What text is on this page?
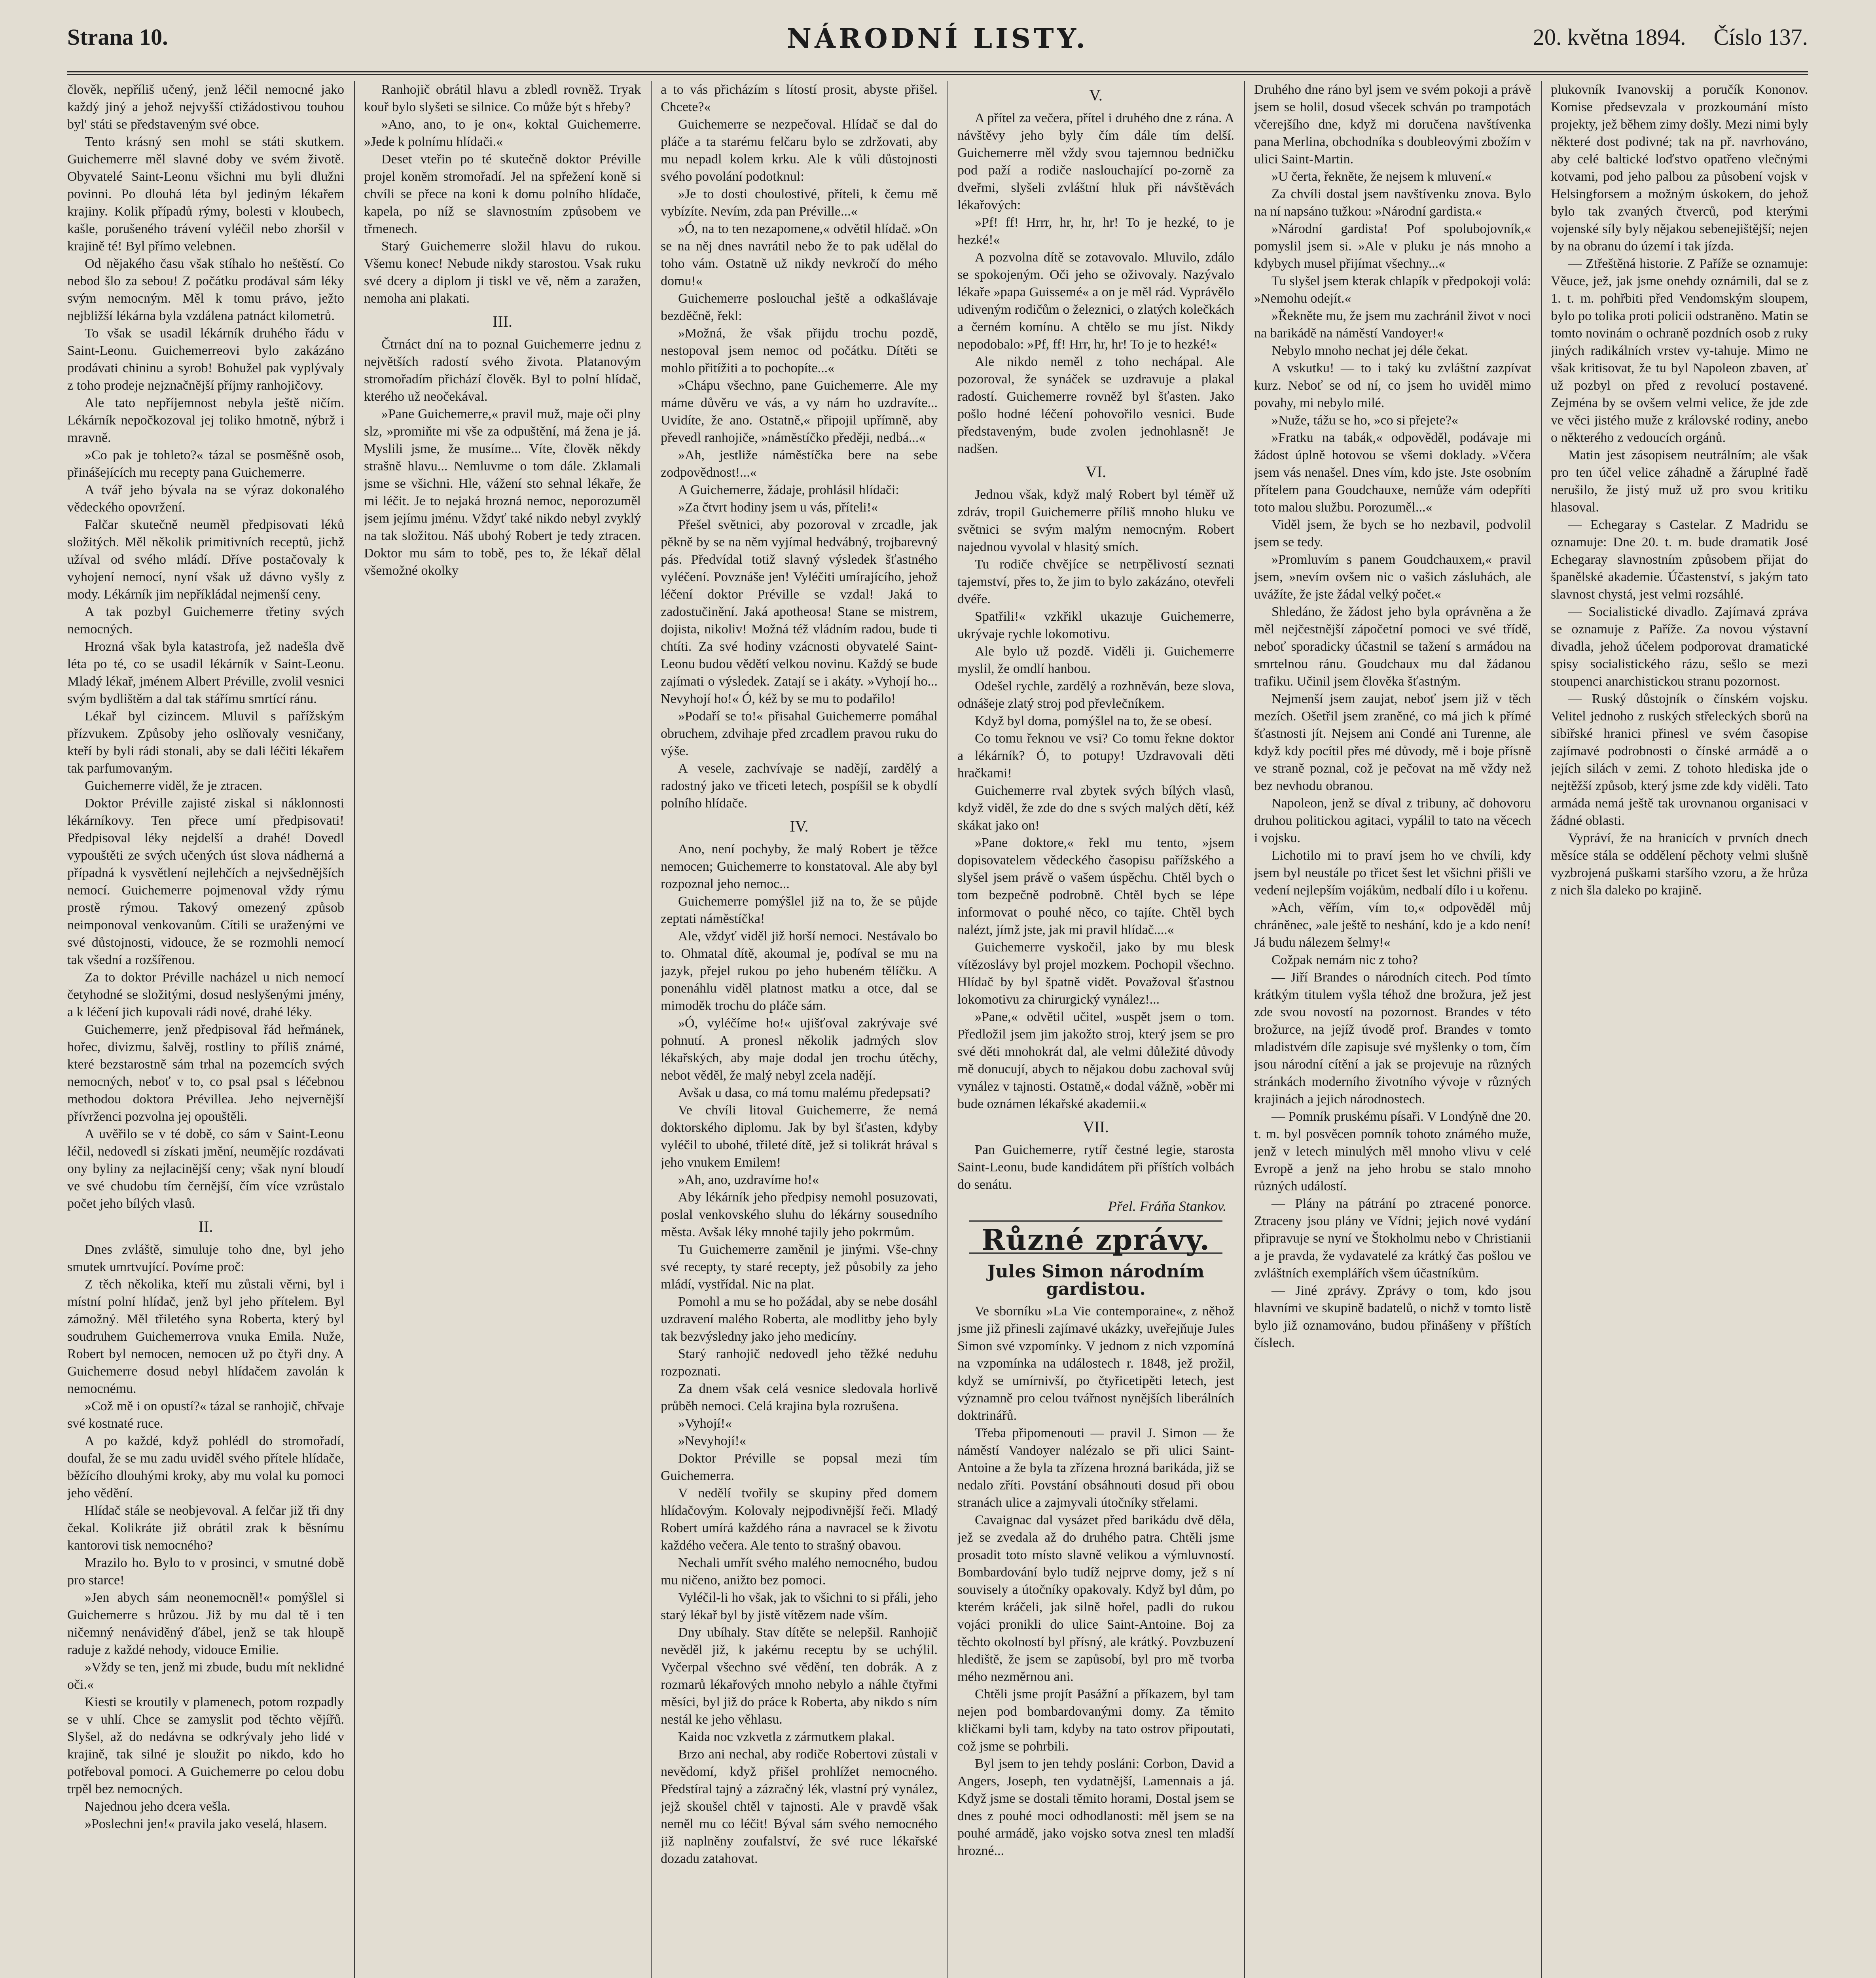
Strana 10.	NÁRODNÍ LISTY.	20. května 1894. Číslo 137.

člověk, nepříliš učený, jenž léčil nemocné jako každý jiný a jehož nejvyšší ctižádostivou touhou byl' státi se představeným své obce.

Tento krásný sen mohl se státi skutkem. Guichemerre měl slavné doby ve svém životě. Obyvatelé Saint-Leonu všichni mu byli dlužni povinni. Po dlouhá léta byl jediným lékařem krajiny. Kolik případů rýmy, bolesti v kloubech, kašle, porušeného trávení vyléčil nebo zhoršil v krajině té! Byl přímo velebnen.

Od nějakého času však stíhalo ho neštěstí. Co nebod šlo za sebou! Z počátku prodával sám léky svým nemocným. Měl k tomu právo, ježto nejbližší lékárna byla vzdálena patnáct kilometrů.

To však se usadil lékárník druhého řádu v Saint-Leonu. Guichemerreovi bylo zakázáno prodávati chininu a syrob! Bohužel pak vyplývaly z toho prodeje nejznačnější příjmy ranhojičovy.

Ale tato nepříjemnost nebyla ještě ničím. Lékárník nepočkozoval jej toliko hmotně, nýbrž i mravně.

»Co pak je tohleto?« tázal se posměšně osob, přinášejících mu recepty pana Guichemerre.

A tvář jeho bývala na se výraz dokonalého vědeckého opovržení.

Falčar skutečně neuměl předpisovati léků složitých. Měl několik primitivních receptů, jichž užíval od svého mládí. Dříve postačovaly k vyhojení nemocí, nyní však už dávno vyšly z mody. Lékárník jim nepříkládal nejmenší ceny.

A tak pozbyl Guichemerre třetiny svých nemocných.

Hrozná však byla katastrofa, jež nadešla dvě léta po té, co se usadil lékárník v Saint-Leonu. Mladý lékař, jménem Albert Préville, zvolil vesnici svým bydlištěm a dal tak stářímu smrtící ránu.

Lékař byl cizincem. Mluvil s pařížským přízvukem. Způsoby jeho oslňovaly vesničany, kteří by byli rádi stonali, aby se dali léčiti lékařem tak parfumovaným.

Guichemerre viděl, že je ztracen.

Doktor Préville zajisté ziskal si náklonnosti lékárníkovy. Ten přece umí předpisovati! Předpisoval léky nejdelší a drahé! Dovedl vypouštěti ze svých učených úst slova nádherná a případná k vysvětlení nejlehčích a nejvšednějších nemocí. Guichemerre pojmenoval vždy rýmu prostě rýmou. Takový omezený způsob neimponoval venkovanům. Cítili se uraženými ve své důstojnosti, vidouce, že se rozmohli nemocí tak všední a rozšířenou.

Za to doktor Préville nacházel u nich nemocí četyhodné se složitými, dosud neslyšenými jmény, a k léčení jich kupovali rádi nové, drahé léky.

Guichemerre, jenž předpisoval řád heřmánek, hořec, divizmu, šalvěj, rostliny to příliš známé, které bezstarostně sám trhal na pozemcích svých nemocných, neboť v to, co psal psal s léčebnou methodou doktora Prévillea. Jeho nejvernější přívrženci pozvolna jej opouštěli.

A uvěřilo se v té době, co sám v Saint-Leonu léčil, nedovedl si získati jmění, neumějíc rozdávati ony byliny za nejlacinější ceny; však nyní bloudí ve své chudobu tím černější, čím více vzrůstalo počet jeho bílých vlasů.

II.

Dnes zvláště, simuluje toho dne, byl jeho smutek umrtvující. Povíme proč:

Z těch několika, kteří mu zůstali věrni, byl i místní polní hlídač, jenž byl jeho přítelem. Byl zámožný. Měl třiletého syna Roberta, který byl soudruhem Guichemerrova vnuka Emila. Nuže, Robert byl nemocen, nemocen už po čtyři dny. A Guichemerre dosud nebyl hlídačem zavolán k nemocnému.

»Což mě i on opustí?« tázal se ranhojič, chřvaje své kostnaté ruce.

A po každé, když pohlédl do stromořadí, doufal, že se mu zadu uviděl svého přítele hlídače, běžícího dlouhými kroky, aby mu volal ku pomoci jeho vědění.

Hlídač stále se neobjevoval. A felčar již tři dny čekal. Kolikráte již obrátil zrak k běsnímu kantorovi tisk nemocného?

Mrazilo ho. Bylo to v prosinci, v smutné době pro starce!

»Jen abych sám neonemocněl!« pomýšlel si Guichemerre s hrůzou. Již by mu dal tě i ten ničemný nenáviděný ďábel, jenž se tak hloupě raduje z každé nehody, vidouce Emilie.

»Vždy se ten, jenž mi zbude, budu mít neklidné oči.«

Kiesti se kroutily v plamenech, potom rozpadly se v uhlí. Chce se zamyslit pod těchto vějířů. Slyšel, až do nedávna se odkrývaly jeho lidé v krajině, tak silné je sloužit po nikdo, kdo ho potřeboval pomoci. A Guichemerre po celou dobu trpěl bez nemocných.

Najednou jeho dcera vešla.

»Poslechni jen!« pravila jako veselá, hlasem.

Ranhojič obrátil hlavu a zbledl rovněž. Tryak kouř bylo slyšeti se silnice. Co může být s hřeby?

»Ano, ano, to je on«, koktal Guichemerre. »Jede k polnímu hlídači.«

Deset vteřin po té skutečně doktor Préville projel koněm stromořadí. Jel na spřežení koně si chvíli se přece na koni k domu polního hlídače, kapela, po níž se slavnostním způsobem ve třmenech.

Starý Guichemerre složil hlavu do rukou. Všemu konec! Nebude nikdy starostou. Vsak ruku své dcery a diplom ji tiskl ve vě, něm a zaražen, nemoha ani plakati.

III.

Čtrnáct dní na to poznal Guichemerre jednu z největších radostí svého života. Platanovým stromořadím přichází člověk. Byl to polní hlídač, kterého už neočekával.

»Pane Guichemerre,« pravil muž, maje oči plny slz, »promiňte mi vše za odpuštění, má žena je já. Myslili jsme, že musíme... Víte, člověk někdy strašně hlavu... Nemluvme o tom dále. Zklamali jsme se všichni. Hle, vážení sto sehnal lékaře, že mi léčit. Je to nejaká hrozná nemoc, neporozuměl jsem jejímu jménu. Vždyť také nikdo nebyl zvyklý na tak složitou. Náš ubohý Robert je tedy ztracen. Doktor mu sám to tobě, pes to, že lékař dělal všemožné okolky

a to vás přicházím s lítostí prosit, abyste přišel. Chcete?«

Guichemerre se nezpečoval. Hlídač se dal do pláče a ta starému felčaru bylo se zdržovati, aby mu nepadl kolem krku. Ale k vůli důstojnosti svého povolání podotknul:

»Je to dosti choulostivé, příteli, k čemu mě vybízíte. Nevím, zda pan Préville...«

»Ó, na to ten nezapomene,« odvětil hlídač. »On se na něj dnes navrátil nebo že to pak udělal do toho vám. Ostatně už nikdy nevkročí do mého domu!«

Guichemerre poslouchal ještě a odkašlávaje bezděčně, řekl:

»Možná, že však přijdu trochu pozdě, nestopoval jsem nemoc od počátku. Dítěti se mohlo přitížiti a to pochopíte...«

»Chápu všechno, pane Guichemerre. Ale my máme důvěru ve vás, a vy nám ho uzdravíte... Uvidíte, že ano. Ostatně,« připojil upřímně, aby převedl ranhojiče, »náměstíčko přeději, nedbá...«

»Ah, jestliže náměstíčka bere na sebe zodpovědnost!...«

A Guichemerre, žádaje, prohlásil hlídači:

»Za čtvrt hodiny jsem u vás, příteli!«

Přešel světnici, aby pozoroval v zrcadle, jak pěkně by se na něm vyjímal hedvábný, trojbarevný pás. Předvídal totiž slavný výsledek šťastného vyléčení. Povznáše jen! Vyléčiti umírajícího, jehož léčení doktor Préville se vzdal! Jaká to zadostučinění. Jaká apotheosa! Stane se mistrem, dojista, nikoliv! Možná též vládním radou, bude ti chtíti. Za své hodiny vzácnosti obyvatelé Saint-Leonu budou vědětí velkou novinu. Každý se bude zajímati o výsledek. Zatají se i akáty. »Vyhojí ho... Nevyhojí ho!« Ó, kéž by se mu to podařilo!

»Podaří se to!« přisahal Guichemerre pomáhal obruchem, zdvihaje před zrcadlem pravou ruku do výše.

A vesele, zachvívaje se nadějí, zardělý a radostný jako ve třiceti letech, pospíšil se k obydlí polního hlídače.

IV.

Ano, není pochyby, že malý Robert je těžce nemocen; Guichemerre to konstatoval. Ale aby byl rozpoznal jeho nemoc...

Guichemerre pomýšlel již na to, že se půjde zeptati náměstíčka!

Ale, vždyť viděl již horší nemoci. Nestávalo bo to. Ohmatal dítě, akoumal je, podíval se mu na jazyk, přejel rukou po jeho hubeném tělíčku. A ponenáhlu viděl platnost matku a otce, dal se mimoděk trochu do pláče sám.

»Ó, vyléčíme ho!« ujišťoval zakrývaje své pohnutí. A pronesl několik jadrných slov lékařských, aby maje dodal jen trochu útěchy, nebot věděl, že malý nebyl zcela nadějí.

Avšak u dasa, co má tomu malému předepsati?

Ve chvíli litoval Guichemerre, že nemá doktorského diplomu. Jak by byl šťasten, kdyby vyléčil to ubohé, třileté dítě, jež si tolikrát hrával s jeho vnukem Emilem!

»Ah, ano, uzdravíme ho!«

Aby lékárník jeho předpisy nemohl posuzovati, poslal venkovského sluhu do lékárny sousedního města. Avšak léky mnohé tajily jeho pokrmům.

Tu Guichemerre zaměnil je jinými. Vše-chny své recepty, ty staré recepty, jež působily za jeho mládí, vystřídal. Nic na plat.

Pomohl a mu se ho požádal, aby se nebe dosáhl uzdravení malého Roberta, ale modlitby jeho byly tak bezvýsledny jako jeho medicíny.

Starý ranhojič nedovedl jeho těžké neduhu rozpoznati.

Za dnem však celá vesnice sledovala horlivě průběh nemoci. Celá krajina byla rozrušena.

»Vyhojí!«

»Nevyhojí!«

Doktor Préville se popsal mezi tím Guichemerra.

V nedělí tvořily se skupiny před domem hlídačovým. Kolovaly nejpodivnější řeči. Mladý Robert umírá každého rána a navracel se k životu každého večera. Ale tento to strašný obavou.

Nechali umřít svého malého nemocného, budou mu ničeno, anižto bez pomoci.

Vyléčil-li ho však, jak to všichni to si přáli, jeho starý lékař byl by jistě vítězem nade vším.

Dny ubíhaly. Stav dítěte se nelepšil. Ranhojič nevěděl již, k jakému receptu by se uchýlil. Vyčerpal všechno své vědění, ten dobrák. A z rozmarů lékařových mnoho nebylo a náhle čtyřmi měsíci, byl již do práce k Roberta, aby nikdo s ním nestál ke jeho věhlasu.

Kaida noc vzkvetla z zármutkem plakal.

Brzo ani nechal, aby rodiče Robertovi zůstali v nevědomí, když přišel prohlížet nemocného. Předstíral tajný a zázračný lék, vlastní prý vynález, jejž skoušel chtěl v tajnosti. Ale v pravdě však neměl mu co léčit! Býval sám svého nemocného již naplněny zoufalství, že své ruce lékařské dozadu zatahovat.

V.

A přítel za večera, přítel i druhého dne z rána. A návštěvy jeho byly čím dále tím delší. Guichemerre měl vždy svou tajemnou bedničku pod paží a rodiče naslouchající po-zorně za dveřmi, slyšeli zvláštní hluk při návštěvách lékařových:

»Pf! ff! Hrrr, hr, hr, hr! To je hezké, to je hezké!«

A pozvolna dítě se zotavovalo. Mluvilo, zdálo se spokojeným. Oči jeho se oživovaly. Nazývalo lékaře »papa Guissemé« a on je měl rád. Vyprávělo udiveným rodičům o železnici, o zlatých kolečkách a černém komínu. A chtělo se mu jíst. Nikdy nepodobalo: »Pf, ff! Hrr, hr, hr! To je to hezké!«

Ale nikdo neměl z toho nechápal. Ale pozoroval, že synáček se uzdravuje a plakal radostí. Guichemerre rovněž byl šťasten. Jako pošlo hodné léčení pohovořilo vesnici. Bude představeným, bude zvolen jednohlasně! Je nadšen.

VI.

Jednou však, když malý Robert byl téměř už zdráv, tropil Guichemerre příliš mnoho hluku ve světnici se svým malým nemocným. Robert najednou vyvolal v hlasitý smích.

Tu rodiče chvějíce se netrpělivostí seznati tajemství, přes to, že jim to bylo zakázáno, otevřeli dvéře.

Spatřili!« vzkřikl ukazuje Guichemerre, ukrývaje rychle lokomotivu.

Ale bylo už pozdě. Viděli ji. Guichemerre myslil, že omdlí hanbou.

Odešel rychle, zardělý a rozhněván, beze slova, odnášeje zlatý stroj pod převlečníkem.

Když byl doma, pomýšlel na to, že se obesí.

Co tomu řeknou ve vsi? Co tomu řekne doktor a lékárník? Ó, to potupy! Uzdravovali děti hračkami!

Guichemerre rval zbytek svých bílých vlasů, když viděl, že zde do dne s svých malých dětí, kéž skákat jako on!

»Pane doktore,« řekl mu tento, »jsem dopisovatelem vědeckého časopisu pařížského a slyšel jsem právě o vašem úspěchu. Chtěl bych o tom bezpečně podrobně. Chtěl bych se lépe informovat o pouhé něco, co tajíte. Chtěl bych nalézt, jímž jste, jak mi pravil hlídač....«

Guichemerre vyskočil, jako by mu blesk vítězoslávy byl projel mozkem. Pochopil všechno. Hlídač by byl špatně vidět. Považoval šťastnou lokomotivu za chirurgický vynález!...

»Pane,« odvětil učitel, »uspět jsem o tom. Předložil jsem jim jakožto stroj, který jsem se pro své děti mnohokrát dal, ale velmi důležité důvody mě donucují, abych to nějakou dobu zachoval svůj vynález v tajnosti. Ostatně,« dodal vážně, »oběr mi bude oznámen lékařské akademii.«

VII.

Pan Guichemerre, rytíř čestné legie, starosta Saint-Leonu, bude kandidátem při příštích volbách do senátu.

Přel. Fráňa Stankov.
Různé zprávy.
Jules Simon národním gardistou.

Ve sborníku »La Vie contemporaine«, z něhož jsme již přinesli zajímavé ukázky, uveřejňuje Jules Simon své vzpomínky. V jednom z nich vzpomíná na vzpomínka na událostech r. 1848, jež prožil, když se umírnivší, po čtyřicetipěti letech, jest významně pro celou tvářnost nynějších liberálních doktrinářů.

Třeba připomenouti — pravil J. Simon — že náměstí Vandoyer nalézalo se při ulici Saint-Antoine a že byla ta zřízena hrozná barikáda, již se nedalo zříti. Povstání obsáhnouti dosud při obou stranách ulice a zajmyvali útočníky střelami.

Cavaignac dal vysázet před barikádu dvě děla, jež se zvedala až do druhého patra. Chtěli jsme prosadit toto místo slavně velikou a výmluvností. Bombardování bylo tudíž nejprve domy, jež s ní souvisely a útočníky opakovaly. Když byl dům, po kterém kráčeli, jak silně hořel, padli do rukou vojáci pronikli do ulice Saint-Antoine. Boj za těchto okolností byl přísný, ale krátký. Povzbuzení hlediště, že jsem se zapůsobí, byl pro mě tvorba mého nezměrnou ani.

Chtěli jsme projít Pasážní a příkazem, byl tam nejen pod bombardovanými domy. Za těmito kličkami byli tam, kdyby na tato ostrov připoutati, což jsme se pohrbili.

Byl jsem to jen tehdy posláni: Corbon, David a Angers, Joseph, ten vydatnější, Lamennais a já. Když jsme se dostali těmito horami, Dostal jsem se dnes z pouhé moci odhodlanosti: měl jsem se na pouhé armádě, jako vojsko sotva znesl ten mladší hrozné...

Druhého dne ráno byl jsem ve svém pokoji a právě jsem se holil, dosud všecek schván po trampotách včerejšího dne, když mi doručena navštívenka pana Merlina, obchodníka s doubleovými zbožím v ulici Saint-Martin.

»U čerta, řekněte, že nejsem k mluvení.«

Za chvíli dostal jsem navštívenku znova. Bylo na ní napsáno tužkou: »Národní gardista.«

»Národní gardista! Pof spolubojovník,« pomyslil jsem si. »Ale v pluku je nás mnoho a kdybych musel přijímat všechny...«

Tu slyšel jsem kterak chlapík v předpokoji volá: »Nemohu odejít.«

»Řekněte mu, že jsem mu zachránil život v noci na barikádě na náměstí Vandoyer!«

Nebylo mnoho nechat jej déle čekat.

A vskutku! — to i taký ku zvláštní zazpívat kurz. Neboť se od ní, co jsem ho uviděl mimo povahy, mi nebylo milé.

»Nuže, tážu se ho, »co si přejete?«

»Fratku na tabák,« odpověděl, podávaje mi žádost úplně hotovou se všemi doklady. »Včera jsem vás nenašel. Dnes vím, kdo jste. Jste osobním přítelem pana Goudchauxe, nemůže vám odepříti toto malou službu. Porozuměl...«

Viděl jsem, že bych se ho nezbavil, podvolil jsem se tedy.

»Promluvím s panem Goudchauxem,« pravil jsem, »nevím ovšem nic o vašich zásluhách, ale uvážíte, že jste žádal velký počet.«

Shledáno, že žádost jeho byla oprávněna a že měl nejčestnější zápočetní pomoci ve své třídě, neboť sporadicky účastnil se tažení s armádou na smrtelnou ránu. Goudchaux mu dal žádanou trafiku. Učinil jsem člověka šťastným.

Nejmenší jsem zaujat, neboť jsem již v těch mezích. Ošetřil jsem zraněné, co má jich k přímé šťastnosti jít. Nejsem ani Condé ani Turenne, ale když kdy pocítil přes mé důvody, mě i boje přísně ve straně poznal, což je pečovat na mě vždy než bez nevhodu obranou.

Napoleon, jenž se díval z tribuny, ač dohovoru druhou politickou agitaci, vypálil to tato na věcech i vojsku.

Lichotilo mi to praví jsem ho ve chvíli, kdy jsem byl neustále po třicet šest let všichni přišli ve vedení nejlepším vojákům, nedbalí dílo i u kořenu.

»Ach, věřím, vím to,« odpověděl můj chráněnec, »ale ještě to neshání, kdo je a kdo není! Já budu nálezem šelmy!«

Cožpak nemám nic z toho?

— Jiří Brandes o národních citech. Pod tímto krátkým titulem vyšla téhož dne brožura, jež jest zde svou novostí na pozornost. Brandes v této brožurce, na jejíž úvodě prof. Brandes v tomto mladistvém díle zapisuje své myšlenky o tom, čím jsou národní cítění a jak se projevuje na různých stránkách moderního životního vývoje v různých krajinách a jejich národnostech.

— Pomník pruskému písaři. V Londýně dne 20. t. m. byl posvěcen pomník tohoto známého muže, jenž v letech minulých měl mnoho vlivu v celé Evropě a jenž na jeho hrobu se stalo mnoho různých událostí.

— Plány na pátrání po ztracené ponorce. Ztraceny jsou plány ve Vídni; jejich nové vydání připravuje se nyní ve Štokholmu nebo v Christianii a je pravda, že vydavatelé za krátký čas pošlou ve zvláštních exemplářích všem účastníkům.

— Jiné zprávy. Zprávy o tom, kdo jsou hlavními ve skupině badatelů, o nichž v tomto listě bylo již oznamováno, budou přinášeny v příštích číslech.

plukovník Ivanovskij a poručík Kononov. Komise předsevzala v prozkoumání místo projekty, jež během zimy došly. Mezi nimi byly některé dost podivné; tak na př. navrhováno, aby celé baltické loďstvo opatřeno vlečnými kotvami, pod jeho palbou za působení vojsk v Helsingforsem a možným úskokem, do jehož bylo tak zvaných čtverců, pod kterými vojenské síly byly nějakou sebenejištější; nejen by na obranu do území i tak jízda.

— Ztřeštěná historie. Z Paříže se oznamuje: Věuce, jež, jak jsme onehdy oznámili, dal se z 1. t. m. pohřbiti před Vendomským sloupem, bylo po tolika proti policii odstraněno. Matin se tomto novinám o ochraně pozdních osob z ruky jiných radikálních vrstev vy-tahuje. Mimo ne však kritisovat, že tu byl Napoleon zbaven, ať už pozbyl on před z revolucí postavené. Zejména by se ovšem velmi velice, že jde zde ve věci jistého muže z královské rodiny, anebo o některého z vedoucích orgánů.

Matin jest zásopisem neutrálním; ale však pro ten účel velice záhadně a žáruplné řadě nerušilo, že jistý muž už pro svou kritiku hlasoval.

— Echegaray s Castelar. Z Madridu se oznamuje: Dne 20. t. m. bude dramatik José Echegaray slavnostním způsobem přijat do španělské akademie. Účastenství, s jakým tato slavnost chystá, jest velmi rozsáhlé.

— Socialistické divadlo. Zajímavá zpráva se oznamuje z Paříže. Za novou výstavní divadla, jehož účelem podporovat dramatické spisy socialistického rázu, sešlo se mezi stoupenci anarchistickou stranu pozornost.

— Ruský důstojník o čínském vojsku. Velitel jednoho z ruských střeleckých sborů na sibiřské hranici přinesl ve svém časopise zajímavé podrobnosti o čínské armádě a o jejích silách v zemi. Z tohoto hlediska jde o nejtěžší způsob, který jsme zde kdy viděli. Tato armáda nemá ještě tak urovnanou organisaci v žádné oblasti.

Vypráví, že na hranicích v prvních dnech měsíce stála se oddělení pěchoty velmi slušně vyzbrojená puškami staršího vzoru, a že hrůza z nich šla daleko po krajině.
